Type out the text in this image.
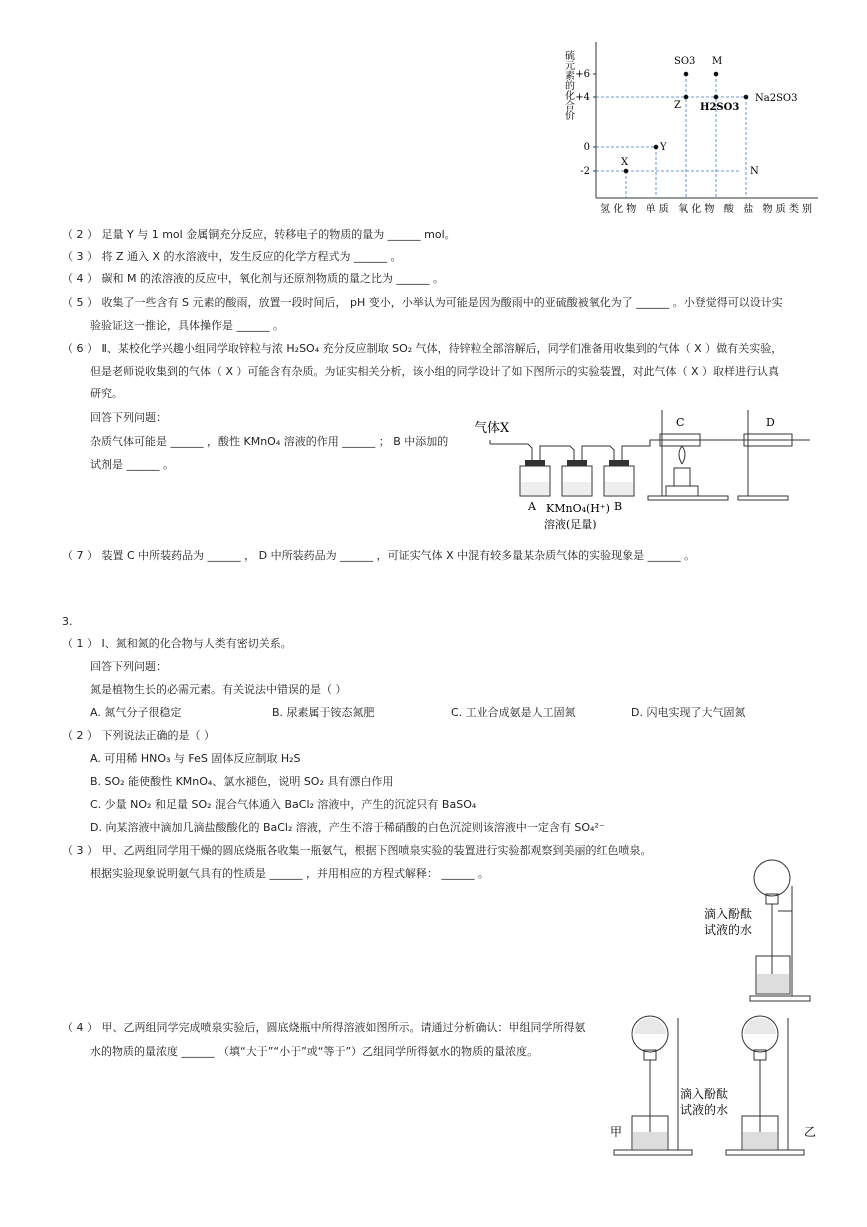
+6
+4
0
-2
硫元素的化合价	SO3 M
Z H2SO3
Na2SO3
Y
X
N
氢化物 单质 氧化物 酸 盐 物质类别
（ 2 ） 足量 Y 与 1 mol 金属铜充分反应，转移电子的物质的量为 ______ mol。
（ 3 ） 将 Z 通入 X 的水溶液中，发生反应的化学方程式为 ______ 。
（ 4 ） 碳和 M 的浓溶液的反应中，氧化剂与还原剂物质的量之比为 ______ 。
（ 5 ） 收集了一些含有 S 元素的酸雨，放置一段时间后， pH 变小，小举认为可能是因为酸雨中的亚硫酸被氧化为了 ______ 。小登觉得可以设计实
验验证这一推论，具体操作是 ______ 。
（ 6 ） Ⅱ、某校化学兴趣小组同学取锌粒与浓 H₂SO₄ 充分反应制取 SO₂ 气体，待锌粒全部溶解后，同学们准备用收集到的气体（ X ）做有关实验，
但是老师说收集到的气体（ X ）可能含有杂质。为证实相关分析，该小组的同学设计了如下图所示的实验装置，对此气体（ X ）取样进行认真
研究。
回答下列问题：
杂质气体可能是 ______ ，酸性 KMnO₄ 溶液的作用 ______ ； B 中添加的
试剂是 ______ 。
气体X	C	D
A	B
KMnO₄(H⁺)
溶液(足量)
（ 7 ） 装置 C 中所装药品为 ______ ， D 中所装药品为 ______ ，可证实气体 X 中混有较多量某杂质气体的实验现象是 ______ 。
3.
（ 1 ） Ⅰ、氮和氮的化合物与人类有密切关系。
回答下列问题：
氮是植物生长的必需元素。有关说法中错误的是（ ）
A. 氮气分子很稳定	B. 尿素属于铵态氮肥	C. 工业合成氨是人工固氮	D. 闪电实现了大气固氮
（ 2 ） 下列说法正确的是（ ）
A. 可用稀 HNO₃ 与 FeS 固体反应制取 H₂S
B. SO₂ 能使酸性 KMnO₄、氯水褪色，说明 SO₂ 具有漂白作用
C. 少量 NO₂ 和足量 SO₂ 混合气体通入 BaCl₂ 溶液中，产生的沉淀只有 BaSO₄
D. 向某溶液中滴加几滴盐酸酸化的 BaCl₂ 溶液，产生不溶于稀硝酸的白色沉淀则该溶液中一定含有 SO₄²⁻
（ 3 ） 甲、乙两组同学用干燥的圆底烧瓶各收集一瓶氨气，根据下图喷泉实验的装置进行实验都观察到美丽的红色喷泉。
根据实验现象说明氨气具有的性质是 ______ ，并用相应的方程式解释： ______ 。
滴入酚酞
试液的水
（ 4 ） 甲、乙两组同学完成喷泉实验后，圆底烧瓶中所得溶液如图所示。请通过分析确认：甲组同学所得氨
水的物质的量浓度 ______ （填“大于”“小于”或“等于”）乙组同学所得氨水的物质的量浓度。
滴入酚酞
试液的水
甲	乙
